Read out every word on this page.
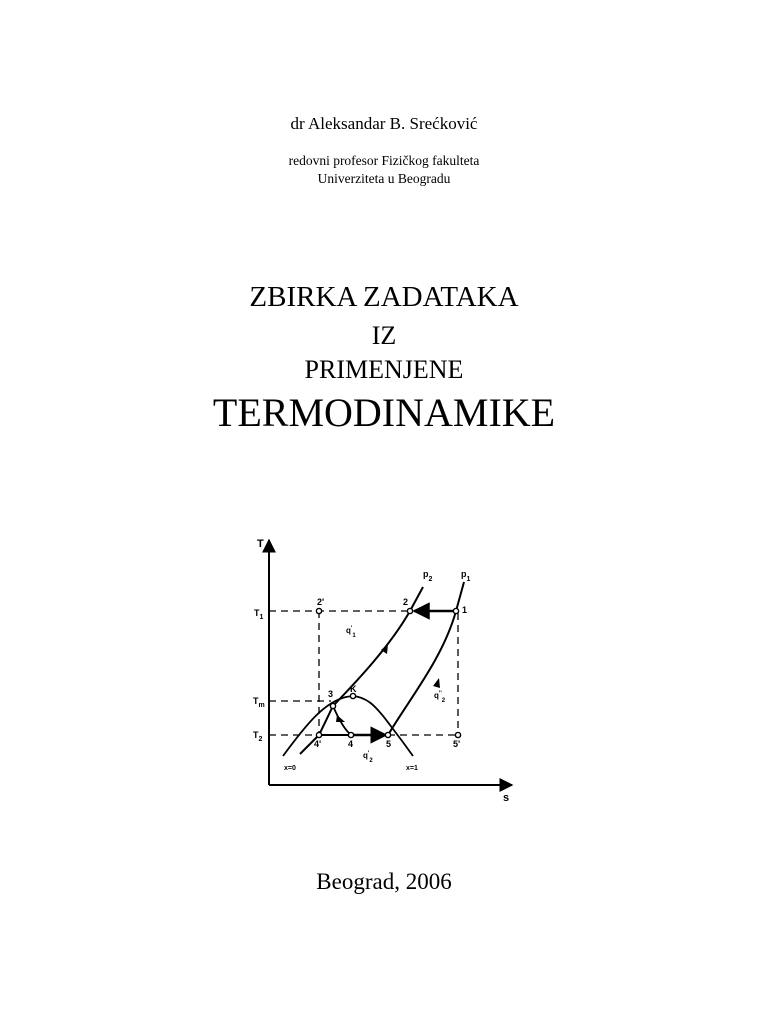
dr Aleksandar B. Srećković
redovni profesor Fizičkog fakulteta
Univerziteta u Beogradu
ZBIRKA ZADATAKA
IZ
PRIMENJENE
TERMODINAMIKE
T
s
$T_1$
$T_m$
$T_2$
$p_2$
$p_1$
1
2
2'
3 K
4
4'	5	5'
$q'_1$
$q'_2$
$q''_2$
x=0	x=1
Beograd, 2006
